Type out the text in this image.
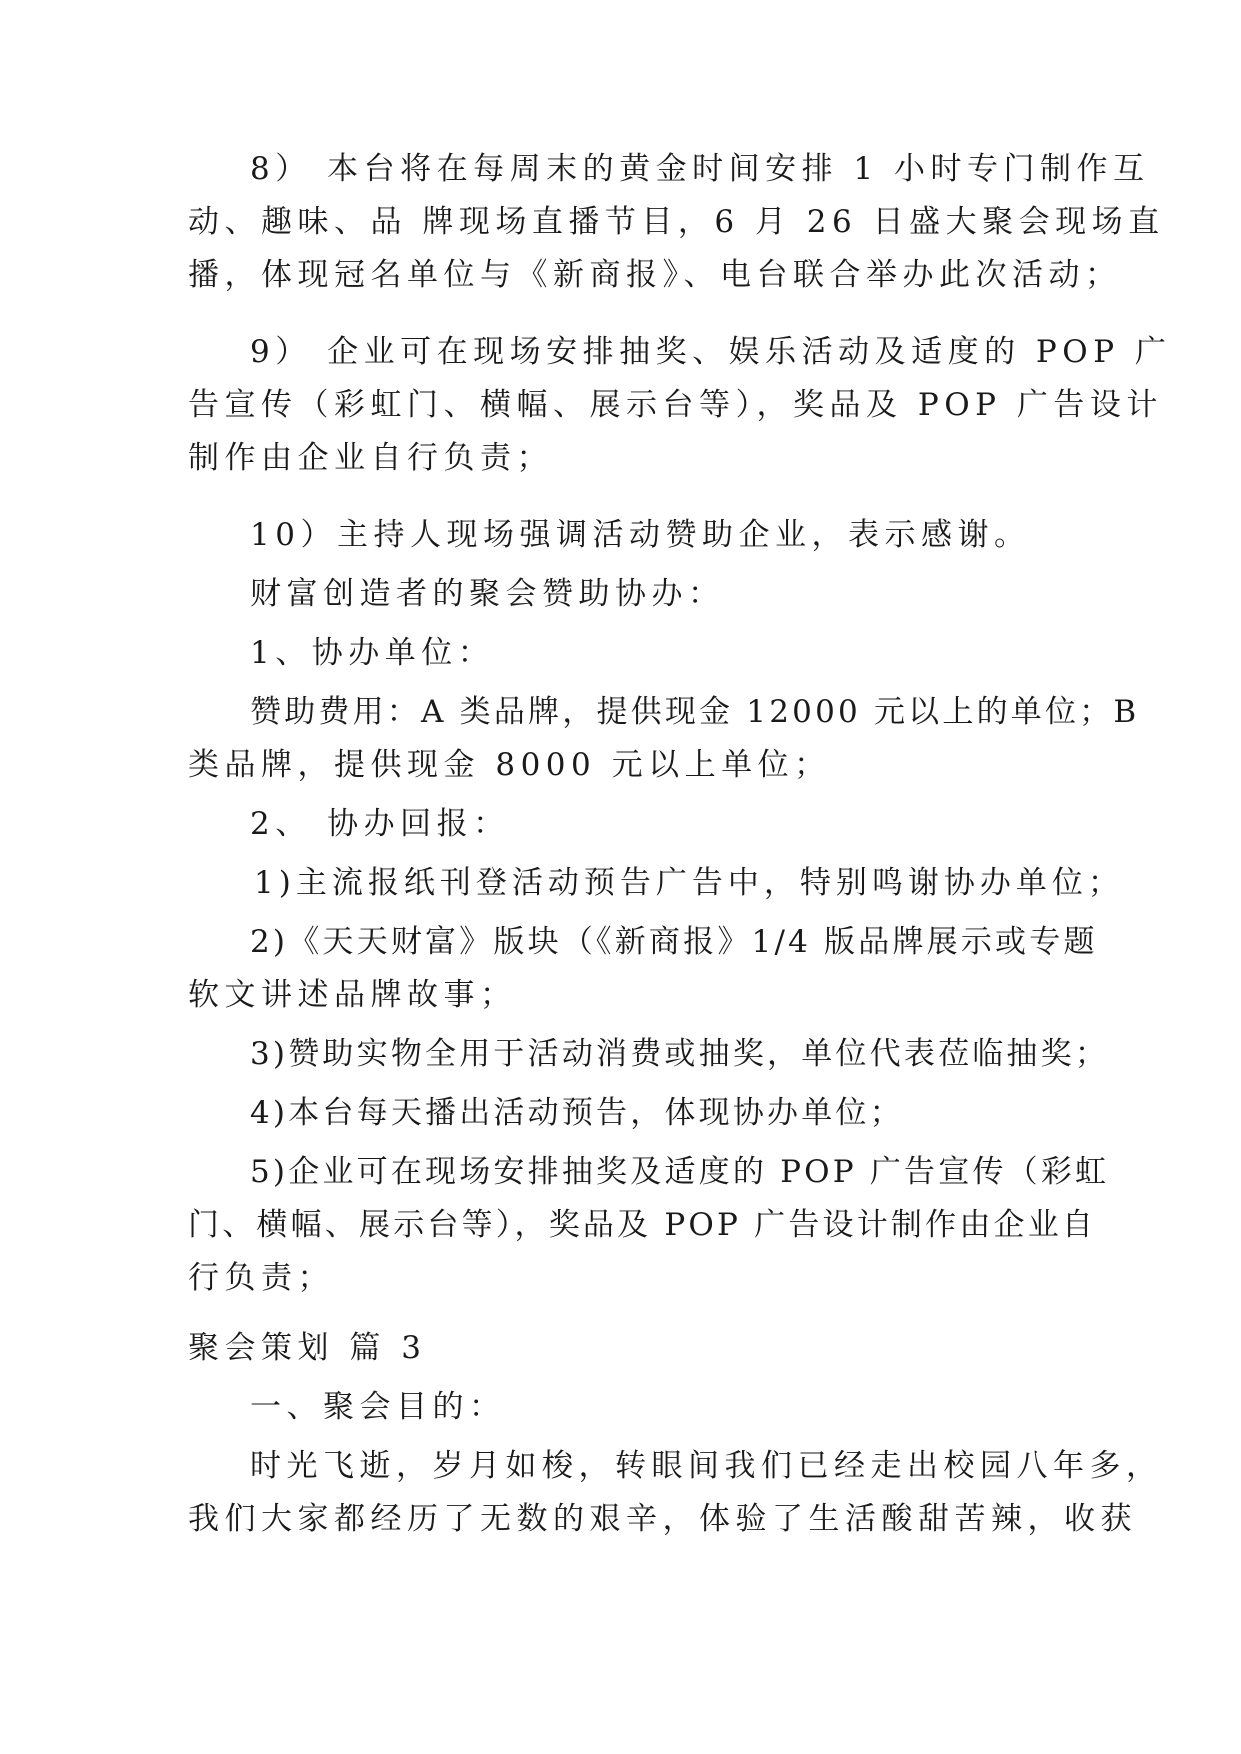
8） 本台将在每周末的黄金时间安排 1 小时专门制作互
动、趣味、品 牌现场直播节目，6 月 26 日盛大聚会现场直
播，体现冠名单位与《新商报》、电台联合举办此次活动；
9） 企业可在现场安排抽奖、娱乐活动及适度的 POP 广
告宣传（彩虹门、横幅、展示台等），奖品及 POP 广告设计
制作由企业自行负责；
10）主持人现场强调活动赞助企业，表示感谢。
财富创造者的聚会赞助协办：
1、协办单位：
赞助费用：A 类品牌，提供现金 12000 元以上的单位；B
类品牌，提供现金 8000 元以上单位；
2、 协办回报：
1)主流报纸刊登活动预告广告中，特别鸣谢协办单位；
2)《天天财富》版块（《新商报》1/4 版品牌展示或专题
软文讲述品牌故事；
3)赞助实物全用于活动消费或抽奖，单位代表莅临抽奖；
4)本台每天播出活动预告，体现协办单位；
5)企业可在现场安排抽奖及适度的 POP 广告宣传（彩虹
门、横幅、展示台等），奖品及 POP 广告设计制作由企业自
行负责；
聚会策划 篇 3
一、聚会目的：
时光飞逝，岁月如梭，转眼间我们已经走出校园八年多，
我们大家都经历了无数的艰辛，体验了生活酸甜苦辣，收获
